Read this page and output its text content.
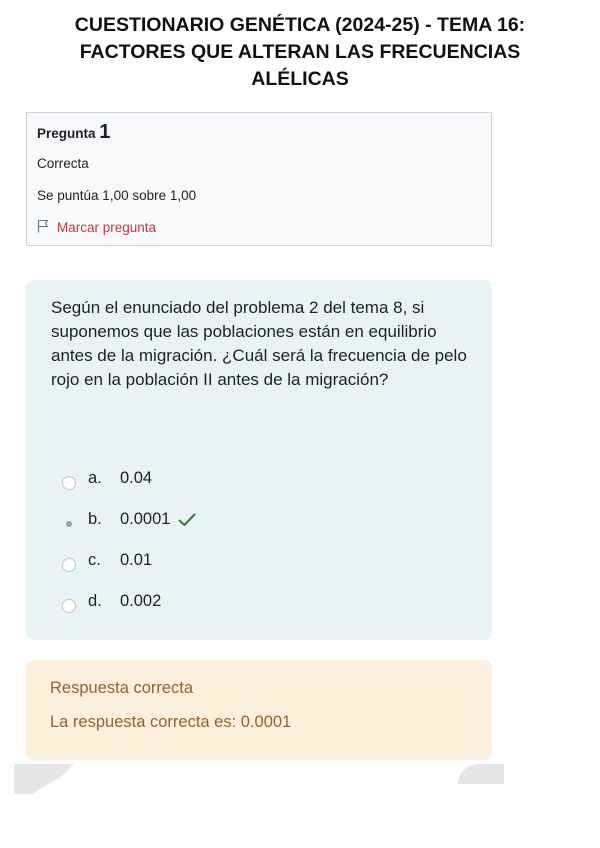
CUESTIONARIO GENÉTICA (2024-25) - TEMA 16:
FACTORES QUE ALTERAN LAS FRECUENCIAS
ALÉLICAS
Pregunta 1
Correcta
Se puntúa 1,00 sobre 1,00
Marcar pregunta

Según el enunciado del problema 2 del tema 8, si suponemos que las poblaciones están en equilibrio antes de la migración. ¿Cuál será la frecuencia de pelo rojo en la población II antes de la migración?

a.	0.04
b.	0.0001
c.	0.01
d.	0.002
Respuesta correcta
La respuesta correcta es: 0.0001
